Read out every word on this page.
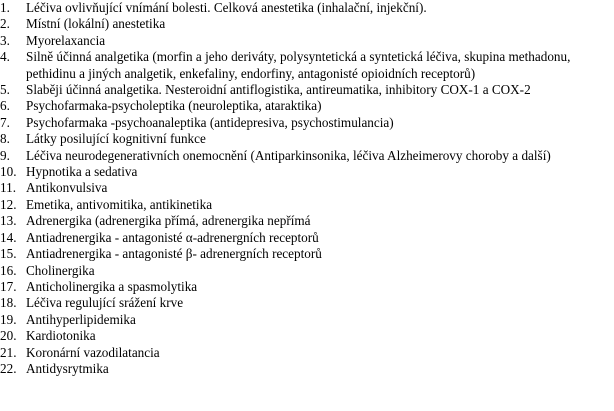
1.	Léčiva ovlivňující vnímání bolesti. Celková anestetika (inhalační, injekční).
2.	Místní (lokální) anestetika
3.	Myorelaxancia
4.	Silně účinná analgetika (morfin a jeho deriváty, polysyntetická a syntetická léčiva, skupina methadonu, pethidinu a jiných analgetik, enkefaliny, endorfiny, antagonisté opioidních receptorů)
5.	Slaběji účinná analgetika. Nesteroidní antiflogistika, antireumatika, inhibitory COX-1 a COX-2
6.	Psychofarmaka-psycholeptika (neuroleptika, ataraktika)
7.	Psychofarmaka -psychoanaleptika (antidepresiva, psychostimulancia)
8.	Látky posilující kognitivní funkce
9.	Léčiva neurodegenerativních onemocnění (Antiparkinsonika, léčiva Alzheimerovy choroby a další)
10. Hypnotika a sedativa
11. Antikonvulsiva
12. Emetika, antivomitika, antikinetika
13. Adrenergika (adrenergika přímá, adrenergika nepřímá
14. Antiadrenergika - antagonisté α-adrenergních receptorů
15. Antiadrenergika - antagonisté β- adrenergních receptorů
16. Cholinergika
17. Anticholinergika a spasmolytika
18. Léčiva regulující srážení krve
19. Antihyperlipidemika
20. Kardiotonika
21. Koronární vazodilatancia
22. Antidysrytmika
